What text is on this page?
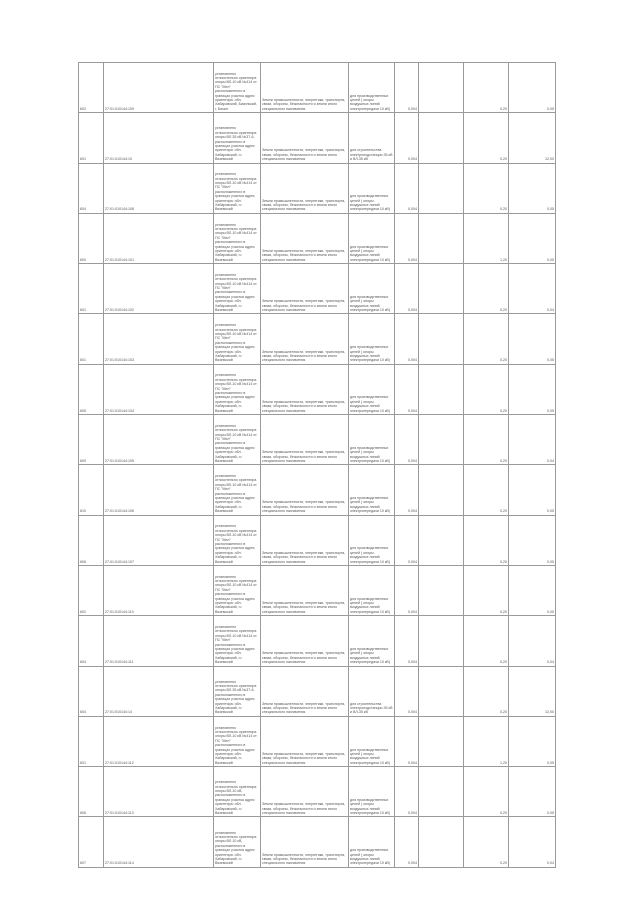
602	27:01:010144:109	установлено относительно ориентира опоры ВЛ-10 кВ №414 от ПС "Мел" расположенного в границах участка адрес ориентира: обл. Хабаровский, Бикинский, г. Бикин	Земли промышленности, энергетики, транспорта, связи, обороны, безопасности и земли иного специального назначения	для производственных целей ( опоры воздушных линий электропередачи 10 кВ)	0,004		0,20	0,05
601	27:01:010144:10	установлено относительно ориентира опоры ВЛ-35 кВ №37-6, расположенного в границах участка адрес ориентира: обл. Хабаровский, г.г. Вяземский	Земли промышленности, энергетики, транспорта, связи, обороны, безопасности и земли иного специального назначения	для строительства электроподстанции 35 кВ и ВЛ-35 кВ	0,004		0,20	12,00
604	27:01:010144:108	установлено относительно ориентира опоры ВЛ-10 кВ №414 от ПС "Мел" расположенного в границах участка адрес ориентира: обл. Хабаровский, г.г. Вяземский	Земли промышленности, энергетики, транспорта, связи, обороны, безопасности и земли иного специального назначения	для производственных целей ( опоры воздушных линий электропередачи 10 кВ)	0,004		0,20	0,05
600	27:01:010144:101	установлено относительно ориентира опоры ВЛ-10 кВ №414 от ПС "Мел" расположенного в границах участка адрес ориентира: обл. Хабаровский, г.г. Вяземский	Земли промышленности, энергетики, транспорта, связи, обороны, безопасности и земли иного специального назначения	для производственных целей ( опоры воздушных линий электропередачи 10 кВ)	0,004		1,20	0,05
601	27:01:010144:102	установлено относительно ориентира опоры ВЛ-10 кВ №414 от ПС "Мел" расположенного в границах участка адрес ориентира: обл. Хабаровский, г.г. Вяземский	Земли промышленности, энергетики, транспорта, связи, обороны, безопасности и земли иного специального назначения	для производственных целей ( опоры воздушных линий электропередачи 10 кВ)	0,004		0,20	0,04
601	27:01:010144:103	установлено относительно ориентира опоры ВЛ-10 кВ №414 от ПС "Мел" расположенного в границах участка адрес ориентира: обл. Хабаровский, г.г. Вяземский	Земли промышленности, энергетики, транспорта, связи, обороны, безопасности и земли иного специального назначения	для производственных целей ( опоры воздушных линий электропередачи 10 кВ)	0,004		0,20	0,05
605	27:01:010144:104	установлено относительно ориентира опоры ВЛ-10 кВ №414 от ПС "Мел" расположенного в границах участка адрес ориентира: обл. Хабаровский, г.г. Вяземский	Земли промышленности, энергетики, транспорта, связи, обороны, безопасности и земли иного специального назначения	для производственных целей ( опоры воздушных линий электропередачи 10 кВ)	0,004		0,20	0,05
609	27:01:010144:105	установлено относительно ориентира опоры ВЛ-10 кВ №414 от ПС "Мел" расположенного в границах участка адрес ориентира: обл. Хабаровский, г.г. Вяземский	Земли промышленности, энергетики, транспорта, связи, обороны, безопасности и земли иного специального назначения	для производственных целей ( опоры воздушных линий электропередачи 10 кВ)	0,004		0,20	0,04
610	27:01:010144:106	установлено относительно ориентира опоры ВЛ-10 кВ №414 от ПС "Мел" расположенного в границах участка адрес ориентира: обл. Хабаровский, г.г. Вяземский	Земли промышленности, энергетики, транспорта, связи, обороны, безопасности и земли иного специального назначения	для производственных целей ( опоры воздушных линий электропередачи 10 кВ)	0,004		0,20	0,05
606	27:01:010144:107	установлено относительно ориентира опоры ВЛ-10 кВ №414 от ПС "Мел" расположенного в границах участка адрес ориентира: обл. Хабаровский, г.г. Вяземский	Земли промышленности, энергетики, транспорта, связи, обороны, безопасности и земли иного специального назначения	для производственных целей ( опоры воздушных линий электропередачи 10 кВ)	0,004		0,20	0,05
602	27:01:010144:110	установлено относительно ориентира опоры ВЛ-10 кВ №414 от ПС "Мел" расположенного в границах участка адрес ориентира: обл. Хабаровский, г.г. Вяземский	Земли промышленности, энергетики, транспорта, связи, обороны, безопасности и земли иного специального назначения	для производственных целей ( опоры воздушных линий электропередачи 10 кВ)	0,004		0,20	0,05
604	27:01:010144:111	установлено относительно ориентира опоры ВЛ-10 кВ №414 от ПС "Мел" расположенного в границах участка адрес ориентира: обл. Хабаровский, г.г. Вяземский	Земли промышленности, энергетики, транспорта, связи, обороны, безопасности и земли иного специального назначения	для производственных целей ( опоры воздушных линий электропередачи 10 кВ)	0,004		0,20	0,04
604	27:01:010144:14	установлено относительно ориентира опоры ВЛ-35 кВ №37-6, расположенного в границах участка адрес ориентира: обл. Хабаровский, г.г. Вяземский	Земли промышленности, энергетики, транспорта, связи, обороны, безопасности и земли иного специального назначения	для строительства электроподстанции 35 кВ и ВЛ-35 кВ	0,004		0,20	12,00
601	27:01:010144:112	установлено относительно ориентира опоры ВЛ-10 кВ №414 от ПС "Мел" расположенного в границах участка адрес ориентира: обл. Хабаровский, г.г. Вяземский	Земли промышленности, энергетики, транспорта, связи, обороны, безопасности и земли иного специального назначения	для производственных целей ( опоры воздушных линий электропередачи 10 кВ)	0,004		1,20	0,05
606	27:01:010144:113	установлено относительно ориентира опоры ВЛ-10 кВ, расположенного в границах участка адрес ориентира: обл. Хабаровский, г.г. Вяземский	Земли промышленности, энергетики, транспорта, связи, обороны, безопасности и земли иного специального назначения	для производственных целей ( опоры воздушных линий электропередачи 10 кВ)	0,004		0,20	0,05
607	27:01:010144:114	установлено относительно ориентира опоры ВЛ-10 кВ, расположенного в границах участка адрес ориентира: обл. Хабаровский, г.г. Вяземский	Земли промышленности, энергетики, транспорта, связи, обороны, безопасности и земли иного специального назначения	для производственных целей ( опоры воздушных линий электропередачи 10 кВ)	0,004		0,20	0,04
